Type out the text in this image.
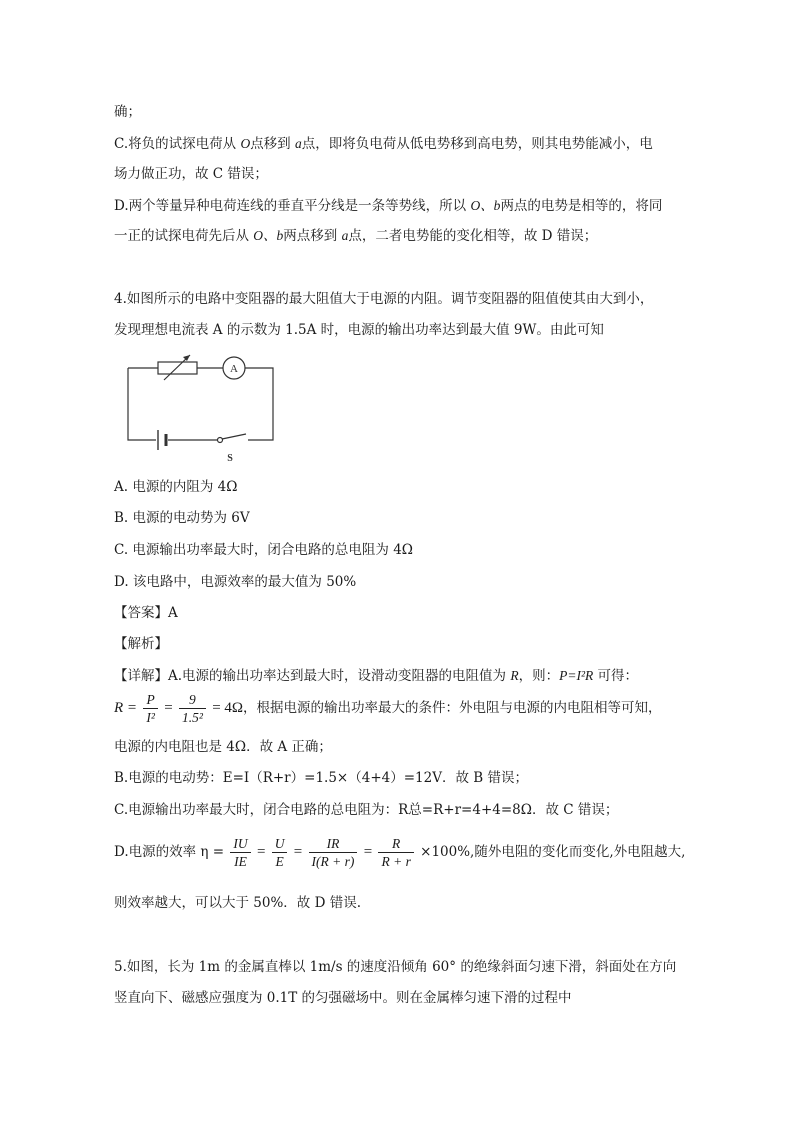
确；
C.将负的试探电荷从 O点移到 a点，即将负电荷从低电势移到高电势，则其电势能减小，电
场力做正功，故 C 错误；
D.两个等量异种电荷连线的垂直平分线是一条等势线，所以 O、b两点的电势是相等的，将同
一正的试探电荷先后从 O、b两点移到 a点，二者电势能的变化相等，故 D 错误；
4.如图所示的电路中变阻器的最大阻值大于电源的内阻。调节变阻器的阻值使其由大到小，
发现理想电流表 A 的示数为 1.5A 时，电源的输出功率达到最大值 9W。由此可知
A
S
A. 电源的内阻为 4Ω
B. 电源的电动势为 6V
C. 电源输出功率最大时，闭合电路的总电阻为 4Ω
D. 该电路中，电源效率的最大值为 50%
【答案】A
【解析】
【详解】A.电源的输出功率达到最大时，设滑动变阻器的电阻值为 R，则：P=I²R 可得：
$R = \frac{P}{\text{I²}} = \frac{9}{\text{1.5²}} = 4\Omega$，根据电源的输出功率最大的条件：外电阻与电源的内电阻相等可知，
电源的内电阻也是 4Ω．故 A 正确；
B.电源的电动势：E=I（R+r）=1.5×（4+4）=12V．故 B 错误；
C.电源输出功率最大时，闭合电路的总电阻为：R总=R+r=4+4=8Ω．故 C 错误；
D.电源的效率 $\eta = \frac{IU}{IE} = \frac{U}{E} = \frac{IR}{I(R + r)} = \frac{R}{R + r} \times 100\%$,随外电阻的变化而变化,外电阻越大,
则效率越大，可以大于 50%．故 D 错误.
5.如图，长为 1m 的金属直棒以 1m/s 的速度沿倾角 60° 的绝缘斜面匀速下滑，斜面处在方向
竖直向下、磁感应强度为 0.1T 的匀强磁场中。则在金属棒匀速下滑的过程中
